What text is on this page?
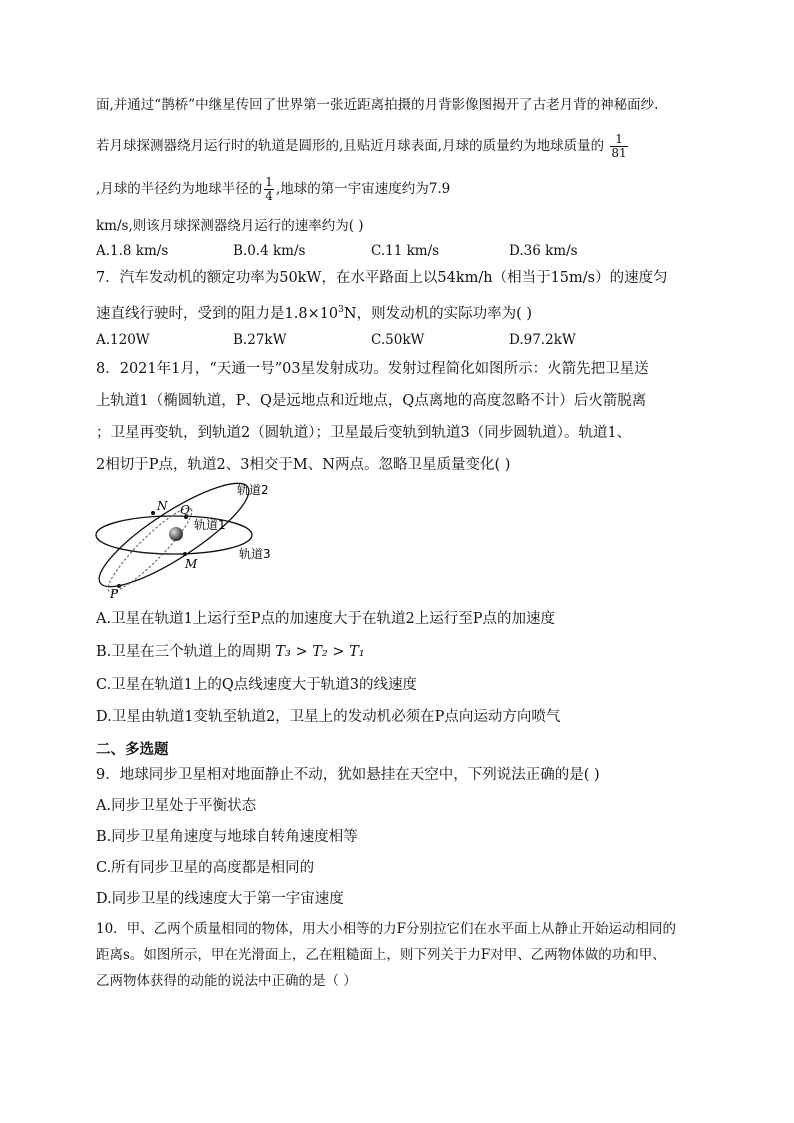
面,并通过“鹊桥”中继星传回了世界第一张近距离拍摄的月背影像图揭开了古老月背的神秘面纱.
若月球探测器绕月运行时的轨道是圆形的,且贴近月球表面,月球的质量约为地球质量的 $\frac{1}{81}$
,月球的半径约为地球半径的 $\frac{1}{4}$ ,地球的第一宇宙速度约为7.9
km/s,则该月球探测器绕月运行的速率约为( )
A.1.8 km/s	B.0.4 km/s	C.11 km/s	D.36 km/s
7．汽车发动机的额定功率为50kW，在水平路面上以54km/h（相当于15m/s）的速度匀
速直线行驶时，受到的阻力是$1.8\times 10^3N$，则发动机的实际功率为( )
A.120W	B.27kW	C.50kW	D.97.2kW
8．2021年1月，“天通一号”03星发射成功。发射过程简化如图所示：火箭先把卫星送
上轨道1（椭圆轨道，P、Q是远地点和近地点，Q点离地的高度忽略不计）后火箭脱离
；卫星再变轨，到轨道2（圆轨道）；卫星最后变轨到轨道3（同步圆轨道）。轨道1、
2相切于P点，轨道2、3相交于M、N两点。忽略卫星质量变化( )
轨道2
轨道1
轨道3
N Q
M
P
A.卫星在轨道1上运行至P点的加速度大于在轨道2上运行至P点的加速度
B.卫星在三个轨道上的周期 T₃ > T₂ > T₁
C.卫星在轨道1上的Q点线速度大于轨道3的线速度
D.卫星由轨道1变轨至轨道2，卫星上的发动机必须在P点向运动方向喷气
二、多选题
9．地球同步卫星相对地面静止不动，犹如悬挂在天空中，下列说法正确的是( )
A.同步卫星处于平衡状态
B.同步卫星角速度与地球自转角速度相等
C.所有同步卫星的高度都是相同的
D.同步卫星的线速度大于第一宇宙速度
10．甲、乙两个质量相同的物体，用大小相等的力F分别拉它们在水平面上从静止开始运动相同的
距离s。如图所示，甲在光滑面上，乙在粗糙面上，则下列关于力F对甲、乙两物体做的功和甲、
乙两物体获得的动能的说法中正确的是（ ）
